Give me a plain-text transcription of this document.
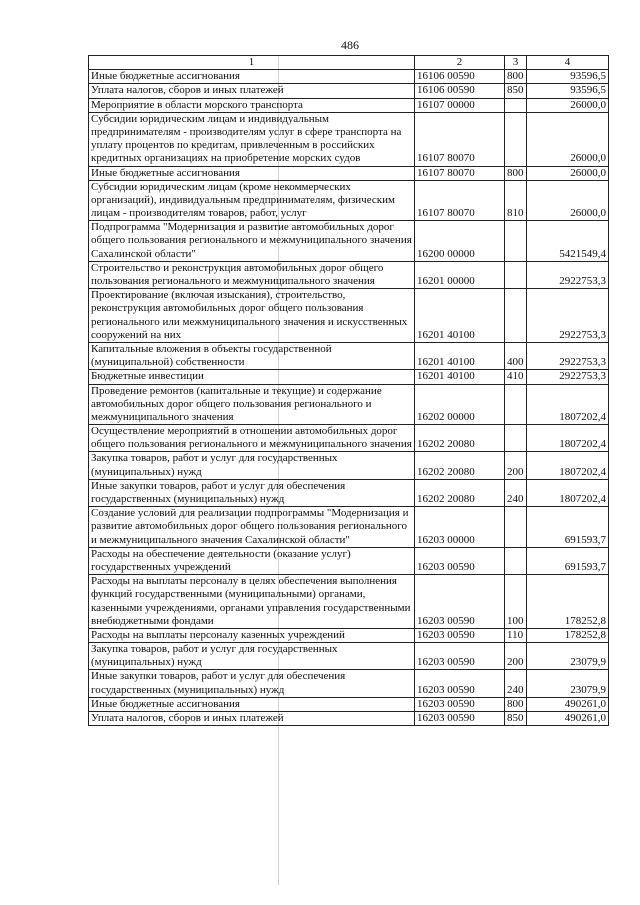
486
1	2	3	4
Иные бюджетные ассигнования	16106 00590	800	93596,5
Уплата налогов, сборов и иных платежей	16106 00590	850	93596,5
Мероприятие в области морского транспорта	16107 00000		26000,0
Субсидии юридическим лицам и индивидуальным предпринимателям - производителям услуг в сфере транспорта на уплату процентов по кредитам, привлеченным в российских кредитных организациях на приобретение морских судов	16107 80070		26000,0
Иные бюджетные ассигнования	16107 80070	800	26000,0
Субсидии юридическим лицам (кроме некоммерческих организаций), индивидуальным предпринимателям, физическим лицам - производителям товаров, работ, услуг	16107 80070	810	26000,0
Подпрограмма "Модернизация и развитие автомобильных дорог общего пользования регионального и межмуниципального значения Сахалинской области"	16200 00000		5421549,4
Строительство и реконструкция автомобильных дорог общего пользования регионального и межмуниципального значения	16201 00000		2922753,3
Проектирование (включая изыскания), строительство, реконструкция автомобильных дорог общего пользования регионального или межмуниципального значения и искусственных сооружений на них	16201 40100		2922753,3
Капитальные вложения в объекты государственной (муниципальной) собственности	16201 40100	400	2922753,3
Бюджетные инвестиции	16201 40100	410	2922753,3
Проведение ремонтов (капитальные и текущие) и содержание автомобильных дорог общего пользования регионального и межмуниципального значения	16202 00000		1807202,4
Осуществление мероприятий в отношении автомобильных дорог общего пользования регионального и межмуниципального значения	16202 20080		1807202,4
Закупка товаров, работ и услуг для государственных (муниципальных) нужд	16202 20080	200	1807202,4
Иные закупки товаров, работ и услуг для обеспечения государственных (муниципальных) нужд	16202 20080	240	1807202,4
Создание условий для реализации подпрограммы "Модернизация и развитие автомобильных дорог общего пользования регионального и межмуниципального значения Сахалинской области"	16203 00000		691593,7
Расходы на обеспечение деятельности (оказание услуг) государственных учреждений	16203 00590		691593,7
Расходы на выплаты персоналу в целях обеспечения выполнения функций государственными (муниципальными) органами, казенными учреждениями, органами управления государственными внебюджетными фондами	16203 00590	100	178252,8
Расходы на выплаты персоналу казенных учреждений	16203 00590	110	178252,8
Закупка товаров, работ и услуг для государственных (муниципальных) нужд	16203 00590	200	23079,9
Иные закупки товаров, работ и услуг для обеспечения государственных (муниципальных) нужд	16203 00590	240	23079,9
Иные бюджетные ассигнования	16203 00590	800	490261,0
Уплата налогов, сборов и иных платежей	16203 00590	850	490261,0
